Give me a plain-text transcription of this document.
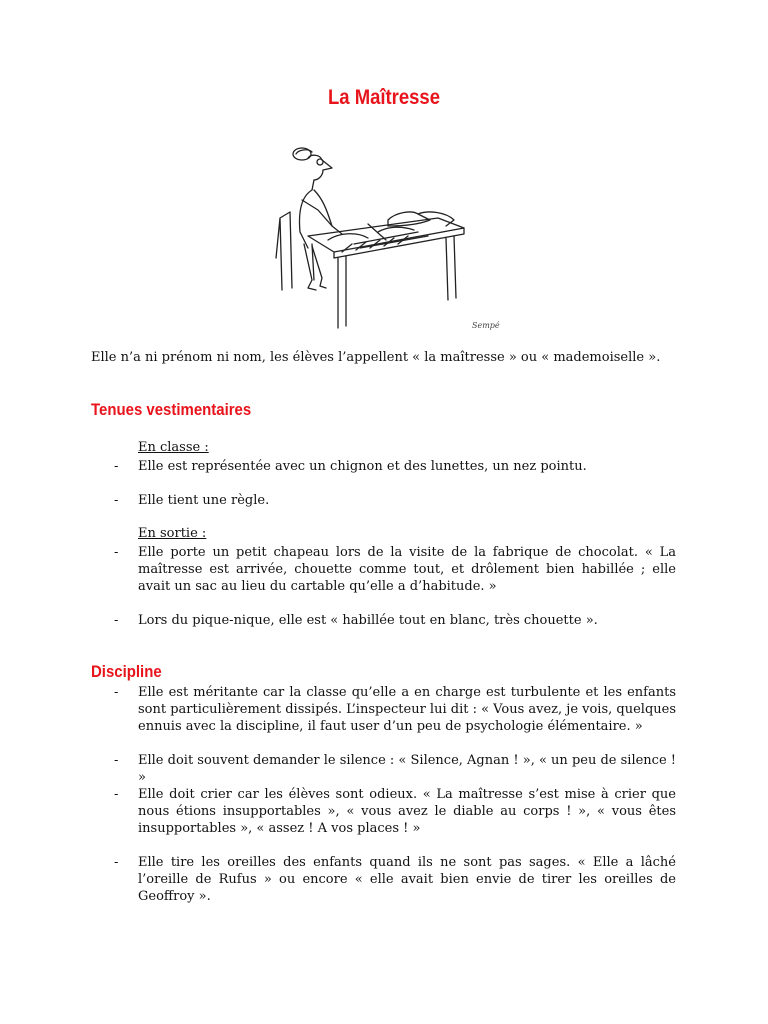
La Maîtresse
Sempé

Elle n’a ni prénom ni nom, les élèves l’appellent « la maîtresse » ou « mademoiselle ».

Tenues vestimentaires

En classe :

- Elle est représentée avec un chignon et des lunettes, un nez pointu.
- Elle tient une règle.

En sortie :

- Elle porte un petit chapeau lors de la visite de la fabrique de chocolat. « La maîtresse est arrivée, chouette comme tout, et drôlement bien habillée ; elle avait un sac au lieu du cartable qu’elle a d’habitude. »
- Lors du pique-nique, elle est « habillée tout en blanc, très chouette ».
Discipline
- Elle est méritante car la classe qu’elle a en charge est turbulente et les enfants sont particulièrement dissipés. L’inspecteur lui dit : « Vous avez, je vois, quelques ennuis avec la discipline, il faut user d’un peu de psychologie élémentaire. »
- Elle doit souvent demander le silence : « Silence, Agnan ! », « un peu de silence ! »
- Elle doit crier car les élèves sont odieux. « La maîtresse s’est mise à crier que nous étions insupportables », « vous avez le diable au corps ! », « vous êtes insupportables », « assez ! A vos places ! »
- Elle tire les oreilles des enfants quand ils ne sont pas sages. « Elle a lâché l’oreille de Rufus » ou encore « elle avait bien envie de tirer les oreilles de Geoffroy ».
